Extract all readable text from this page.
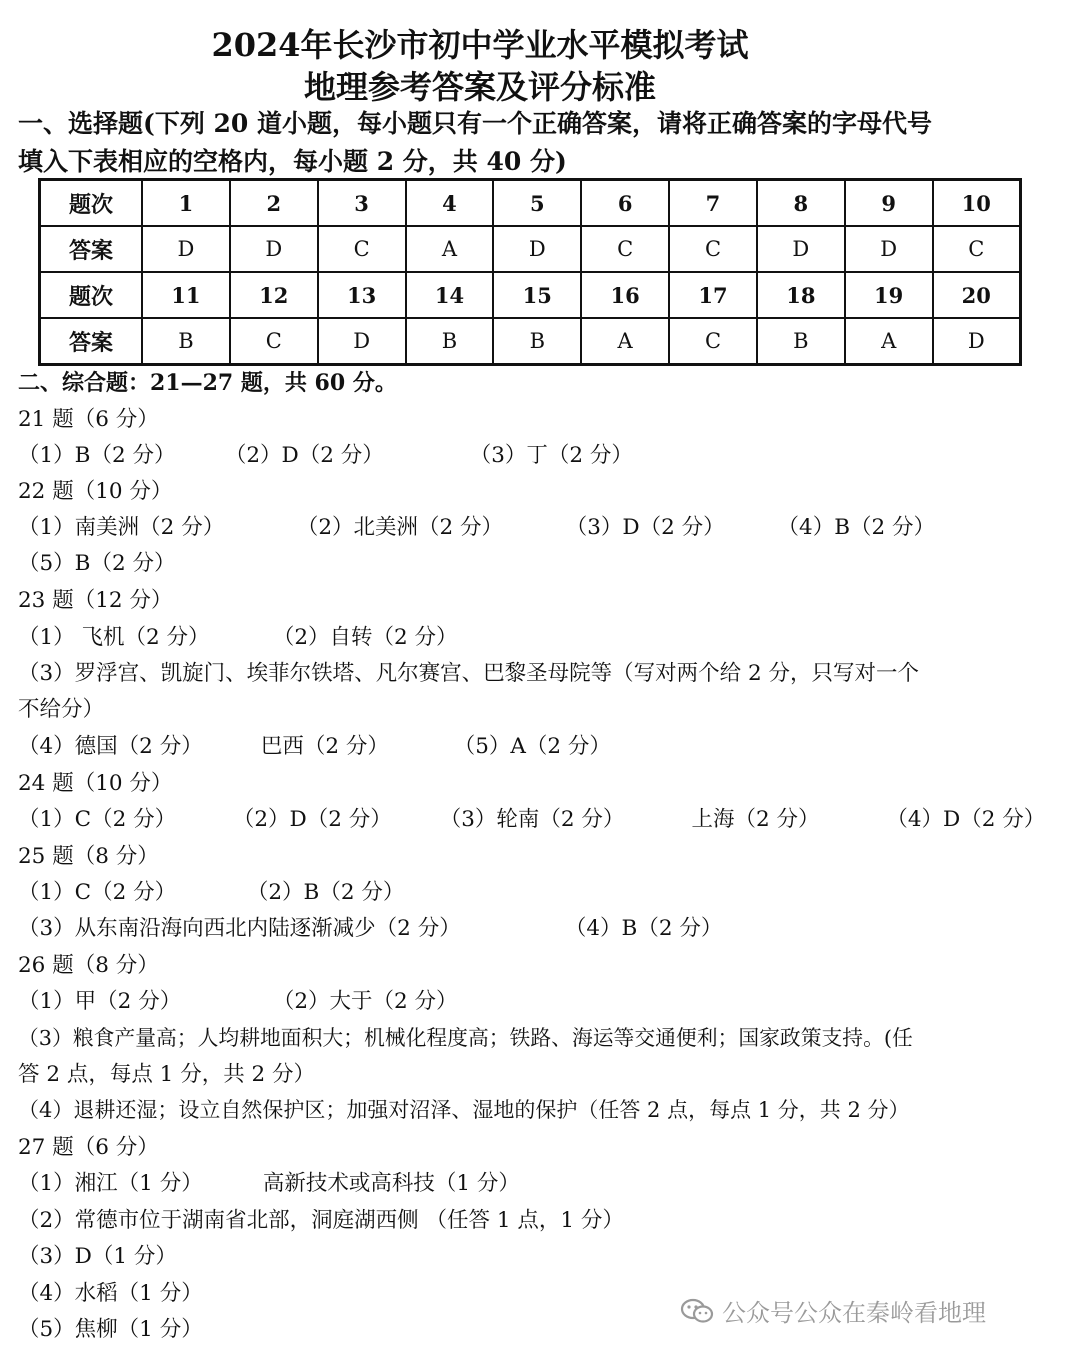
2024年长沙市初中学业水平模拟考试
地理参考答案及评分标准
一、选择题(下列 20 道小题，每小题只有一个正确答案，请将正确答案的字母代号
填入下表相应的空格内，每小题 2 分，共 40 分)
题次	1	2	3	4	5	6	7	8	9	10
答案	D	D	C	A	D	C	C	D	D	C
题次	11	12	13	14	15	16	17	18	19	20
答案	B	C	D	B	B	A	C	B	A	D
二、综合题：21—27 题，共 60 分。
21 题（6 分）
（1）B（2 分） （2）D（2 分）	（3）丁（2 分）
22 题（10 分）
（1）南美洲（2 分）	（2）北美洲（2 分）	（3）D（2 分） （4）B（2 分）
（5）B（2 分）
23 题（12 分）
（1） 飞机（2 分）	（2）自转（2 分）
（3）罗浮宫、凯旋门、埃菲尔铁塔、凡尔赛宫、巴黎圣母院等（写对两个给 2 分，只写对一个
不给分）
（4）德国（2 分）	巴西（2 分）	（5）A（2 分）
24 题（10 分）
（1）C（2 分）	（2）D（2 分） （3）轮南（2 分）	上海（2 分）	（4）D（2 分）
25 题（8 分）
（1）C（2 分）	（2）B（2 分）
（3）从东南沿海向西北内陆逐渐减少（2 分）	（4）B（2 分）
26 题（8 分）
（1）甲（2 分）	（2）大于（2 分）
（3）粮食产量高；人均耕地面积大；机械化程度高；铁路、海运等交通便利；国家政策支持。(任
答 2 点，每点 1 分，共 2 分）
（4）退耕还湿；设立自然保护区；加强对沼泽、湿地的保护（任答 2 点，每点 1 分，共 2 分）
27 题（6 分）
（1）湘江（1 分）	高新技术或高科技（1 分）
（2）常德市位于湖南省北部，洞庭湖西侧 （任答 1 点，1 分）
（3）D（1 分）
（4）水稻（1 分）
（5）焦柳（1 分）
公众号公众在秦岭看地理
